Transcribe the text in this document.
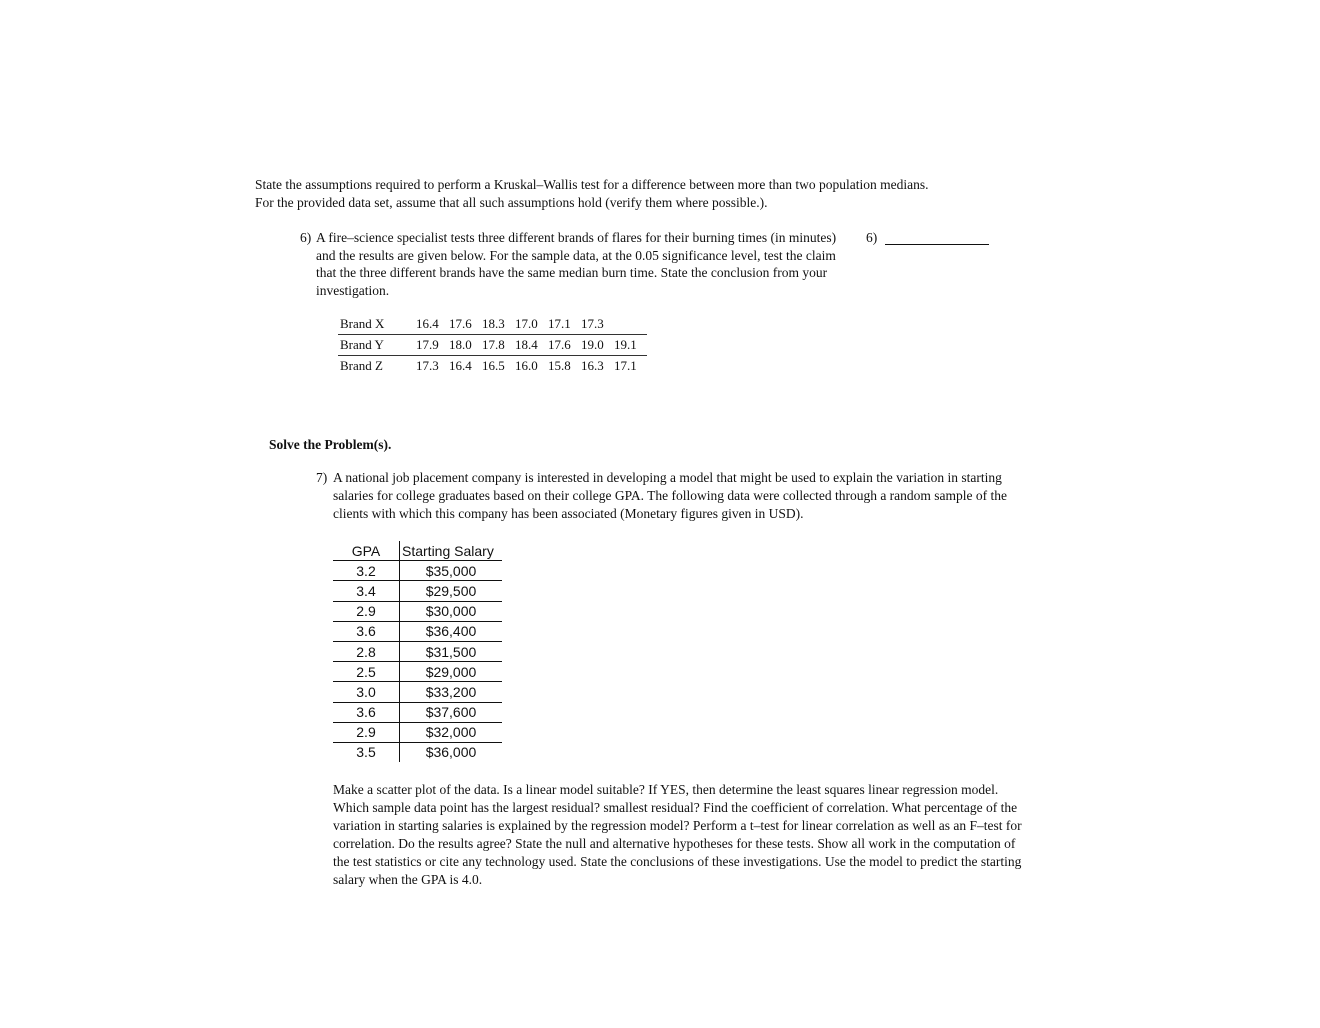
State the assumptions required to perform a Kruskal–Wallis test for a difference between more than two population medians.
For the provided data set, assume that all such assumptions hold (verify them where possible.).
6) A fire–science specialist tests three different brands of flares for their burning times (in minutes) and the results are given below. For the sample data, at the 0.05 significance level, test the claim that the three different brands have the same median burn time. State the conclusion from your investigation.
6)
Brand X	16.4 17.6 18.3 17.0 17.1 17.3
Brand Y	17.9 18.0 17.8 18.4 17.6 19.0 19.1
Brand Z	17.3 16.4 16.5 16.0 15.8 16.3 17.1
Solve the Problem(s).
7) A national job placement company is interested in developing a model that might be used to explain the variation in starting salaries for college graduates based on their college GPA. The following data were collected through a random sample of the clients with which this company has been associated (Monetary figures given in USD).
GPA	Starting Salary
3.2	$35,000
3.4	$29,500
2.9	$30,000
3.6	$36,400
2.8	$31,500
2.5	$29,000
3.0	$33,200
3.6	$37,600
2.9	$32,000
3.5	$36,000
Make a scatter plot of the data. Is a linear model suitable? If YES, then determine the least squares linear regression model. Which sample data point has the largest residual? smallest residual? Find the coefficient of correlation. What percentage of the variation in starting salaries is explained by the regression model? Perform a t–test for linear correlation as well as an F–test for correlation. Do the results agree? State the null and alternative hypotheses for these tests. Show all work in the computation of the test statistics or cite any technology used. State the conclusions of these investigations. Use the model to predict the starting salary when the GPA is 4.0.
